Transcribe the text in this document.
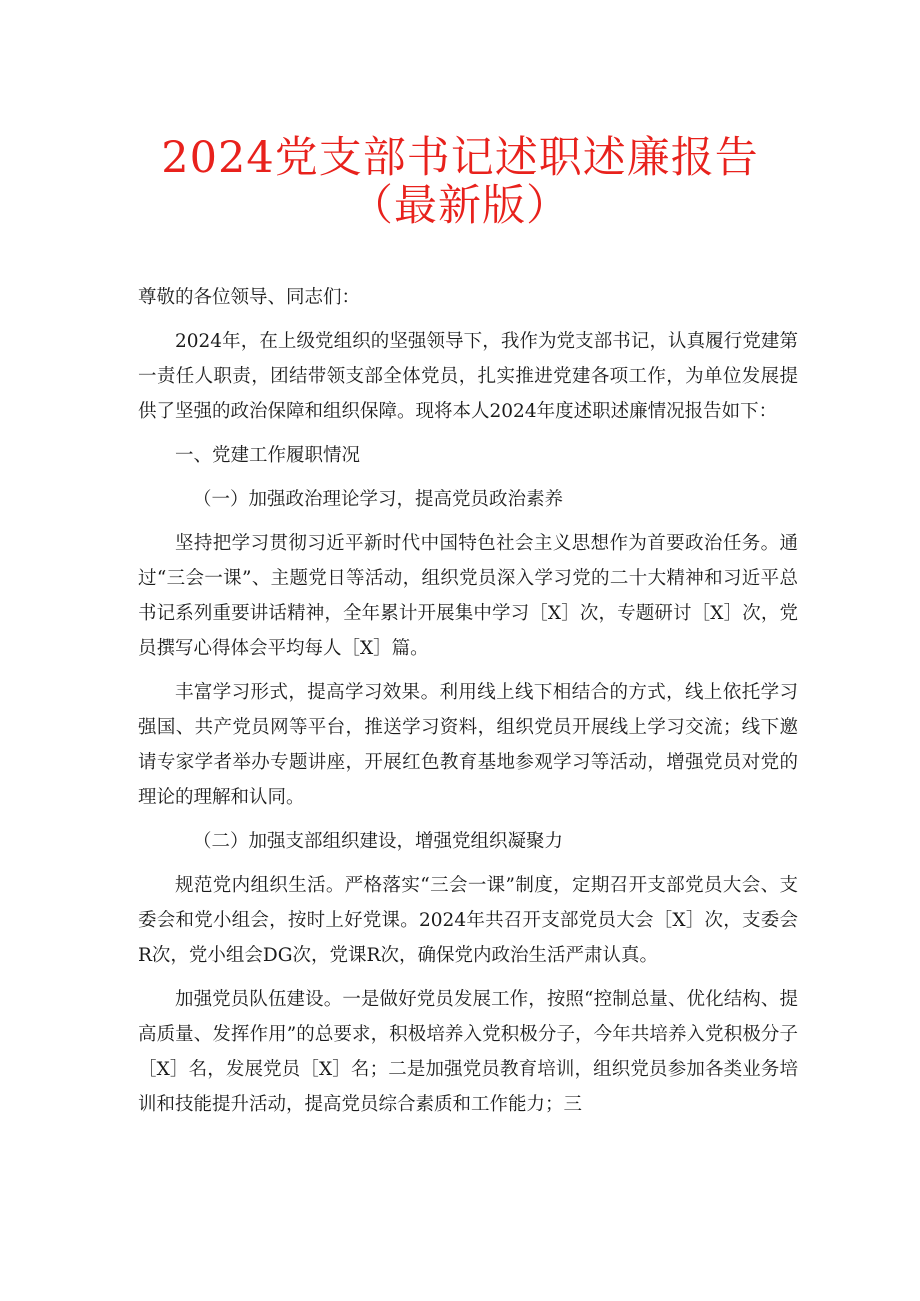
2024党支部书记述职述廉报告
（最新版）

尊敬的各位领导、同志们：

2024年，在上级党组织的坚强领导下，我作为党支部书记，认真履行党建第一责任人职责，团结带领支部全体党员，扎实推进党建各项工作，为单位发展提供了坚强的政治保障和组织保障。现将本人2024年度述职述廉情况报告如下：

一、党建工作履职情况

（一）加强政治理论学习，提高党员政治素养

坚持把学习贯彻习近平新时代中国特色社会主义思想作为首要政治任务。通过“三会一课”、主题党日等活动，组织党员深入学习党的二十大精神和习近平总书记系列重要讲话精神，全年累计开展集中学习［X］次，专题研讨［X］次，党员撰写心得体会平均每人［X］篇。

丰富学习形式，提高学习效果。利用线上线下相结合的方式，线上依托学习强国、共产党员网等平台，推送学习资料，组织党员开展线上学习交流；线下邀请专家学者举办专题讲座，开展红色教育基地参观学习等活动，增强党员对党的理论的理解和认同。

（二）加强支部组织建设，增强党组织凝聚力

规范党内组织生活。严格落实“三会一课”制度，定期召开支部党员大会、支委会和党小组会，按时上好党课。2024年共召开支部党员大会［X］次，支委会R次，党小组会DG次，党课R次，确保党内政治生活严肃认真。

加强党员队伍建设。一是做好党员发展工作，按照“控制总量、优化结构、提高质量、发挥作用”的总要求，积极培养入党积极分子，今年共培养入党积极分子［X］名，发展党员［X］名；二是加强党员教育培训，组织党员参加各类业务培训和技能提升活动，提高党员综合素质和工作能力；三
